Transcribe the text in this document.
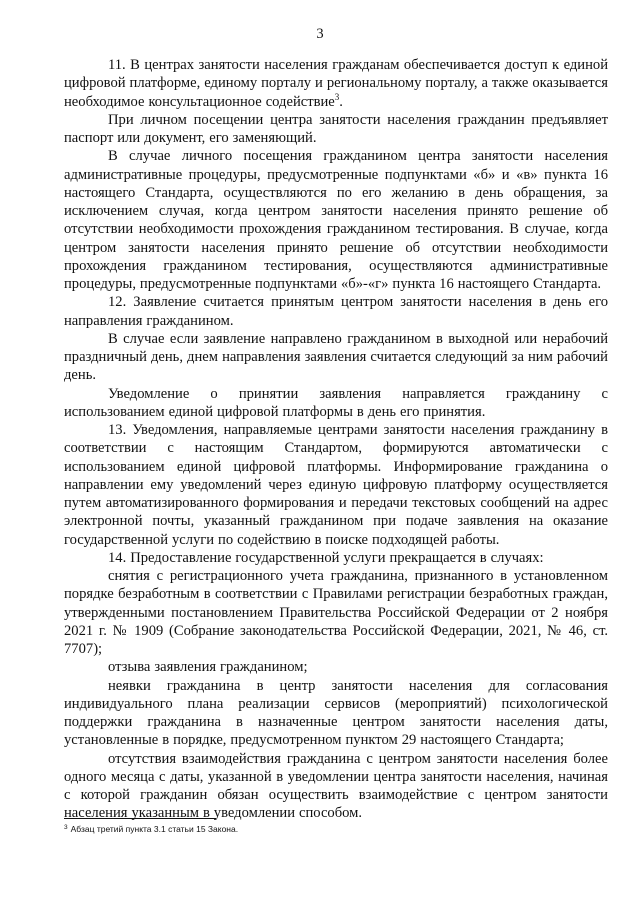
3

11. В центрах занятости населения гражданам обеспечивается доступ к единой цифровой платформе, единому порталу и региональному порталу, а также оказывается необходимое консультационное содействие$^3$.

При личном посещении центра занятости населения гражданин предъявляет паспорт или документ, его заменяющий.

В случае личного посещения гражданином центра занятости населения административные процедуры, предусмотренные подпунктами «б» и «в» пункта 16 настоящего Стандарта, осуществляются по его желанию в день обращения, за исключением случая, когда центром занятости населения принято решение об отсутствии необходимости прохождения гражданином тестирования. В случае, когда центром занятости населения принято решение об отсутствии необходимости прохождения гражданином тестирования, осуществляются административные процедуры, предусмотренные подпунктами «б»-«г» пункта 16 настоящего Стандарта.

12. Заявление считается принятым центром занятости населения в день его направления гражданином.

В случае если заявление направлено гражданином в выходной или нерабочий праздничный день, днем направления заявления считается следующий за ним рабочий день.

Уведомление о принятии заявления направляется гражданину с использованием единой цифровой платформы в день его принятия.

13. Уведомления, направляемые центрами занятости населения гражданину в соответствии с настоящим Стандартом, формируются автоматически с использованием единой цифровой платформы. Информирование гражданина о направлении ему уведомлений через единую цифровую платформу осуществляется путем автоматизированного формирования и передачи текстовых сообщений на адрес электронной почты, указанный гражданином при подаче заявления на оказание государственной услуги по содействию в поиске подходящей работы.

14. Предоставление государственной услуги прекращается в случаях:

снятия с регистрационного учета гражданина, признанного в установленном порядке безработным в соответствии с Правилами регистрации безработных граждан, утвержденными постановлением Правительства Российской Федерации от 2 ноября 2021 г. № 1909 (Собрание законодательства Российской Федерации, 2021, № 46, ст. 7707);

отзыва заявления гражданином;

неявки гражданина в центр занятости населения для согласования индивидуального плана реализации сервисов (мероприятий) психологической поддержки гражданина в назначенные центром занятости населения даты, установленные в порядке, предусмотренном пунктом 29 настоящего Стандарта;

отсутствия взаимодействия гражданина с центром занятости населения более одного месяца с даты, указанной в уведомлении центра занятости населения, начиная с которой гражданин обязан осуществить взаимодействие с центром занятости населения указанным в уведомлении способом.

$^3$ Абзац третий пункта 3.1 статьи 15 Закона.
